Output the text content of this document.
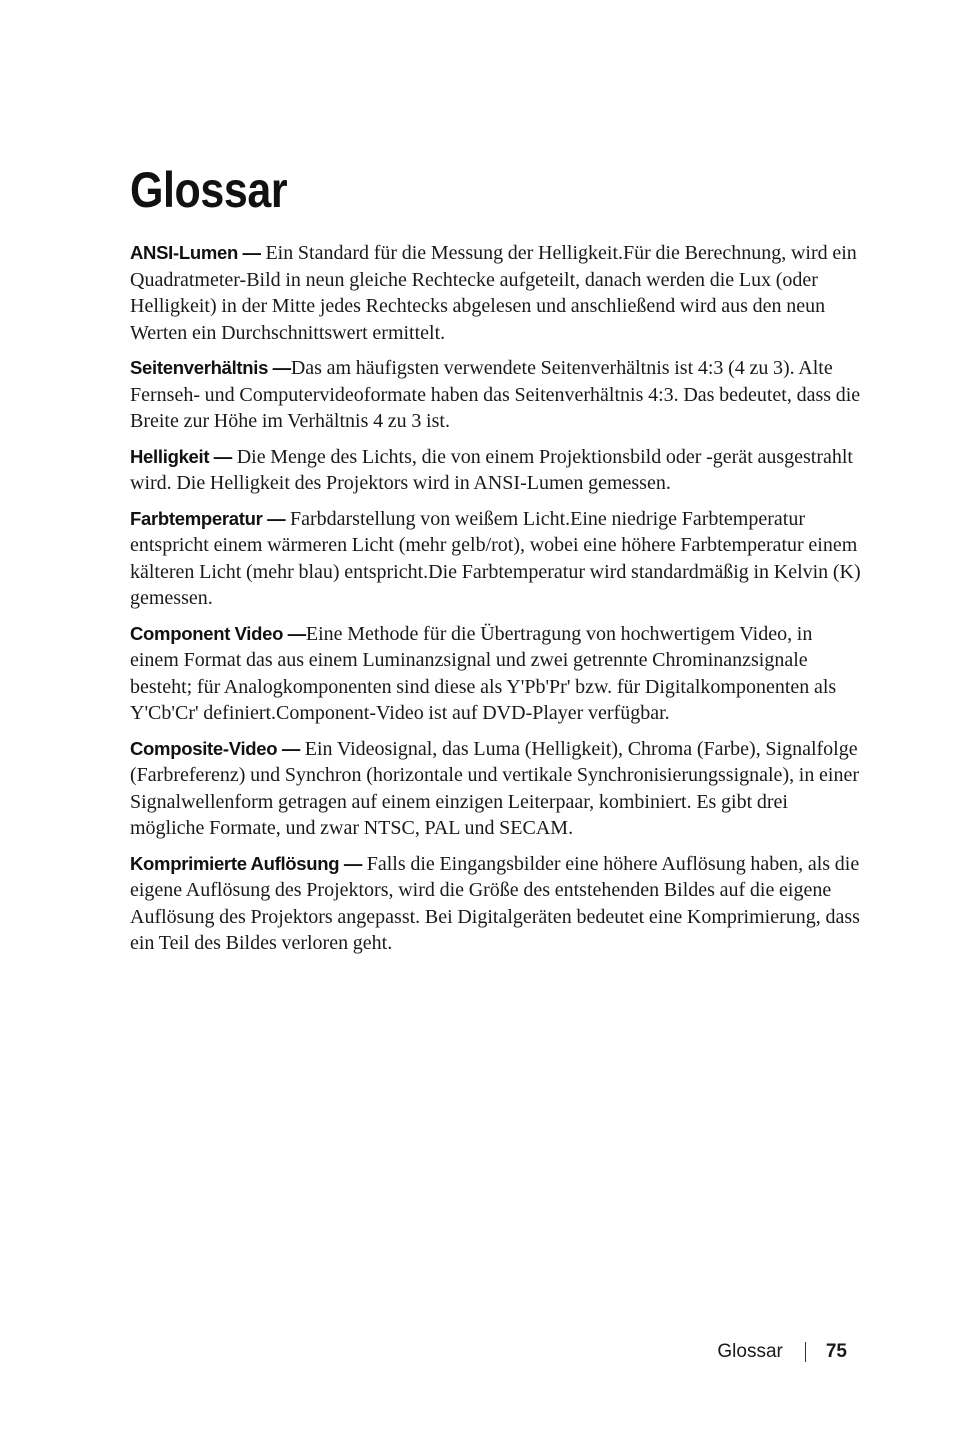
Glossar

ANSI-Lumen — Ein Standard für die Messung der Helligkeit.Für die Berechnung, wird ein Quadratmeter-Bild in neun gleiche Rechtecke aufgeteilt, danach werden die Lux (oder Helligkeit) in der Mitte jedes Rechtecks abgelesen und anschließend wird aus den neun Werten ein Durchschnittswert ermittelt.

Seitenverhältnis —Das am häufigsten verwendete Seitenverhältnis ist 4:3 (4 zu 3). Alte Fernseh- und Computervideoformate haben das Seitenverhältnis 4:3. Das bedeutet, dass die Breite zur Höhe im Verhältnis 4 zu 3 ist.

Helligkeit — Die Menge des Lichts, die von einem Projektionsbild oder -gerät ausgestrahlt wird. Die Helligkeit des Projektors wird in ANSI-Lumen gemessen.

Farbtemperatur — Farbdarstellung von weißem Licht.Eine niedrige Farbtemperatur entspricht einem wärmeren Licht (mehr gelb/rot), wobei eine höhere Farbtemperatur einem kälteren Licht (mehr blau) entspricht.Die Farbtemperatur wird standardmäßig in Kelvin (K) gemessen.

Component Video —Eine Methode für die Übertragung von hochwertigem Video, in einem Format das aus einem Luminanzsignal und zwei getrennte Chrominanzsignale besteht; für Analogkomponenten sind diese als Y'Pb'Pr' bzw. für Digitalkomponenten als Y'Cb'Cr' definiert.Component-Video ist auf DVD-Player verfügbar.

Composite-Video — Ein Videosignal, das Luma (Helligkeit), Chroma (Farbe), Signalfolge (Farbreferenz) und Synchron (horizontale und vertikale Synchronisierungssignale), in einer Signalwellenform getragen auf einem einzigen Leiterpaar, kombiniert. Es gibt drei mögliche Formate, und zwar NTSC, PAL und SECAM.

Komprimierte Auflösung — Falls die Eingangsbilder eine höhere Auflösung haben, als die eigene Auflösung des Projektors, wird die Größe des entstehenden Bildes auf die eigene Auflösung des Projektors angepasst. Bei Digitalgeräten bedeutet eine Komprimierung, dass ein Teil des Bildes verloren geht.

Glossar 75
